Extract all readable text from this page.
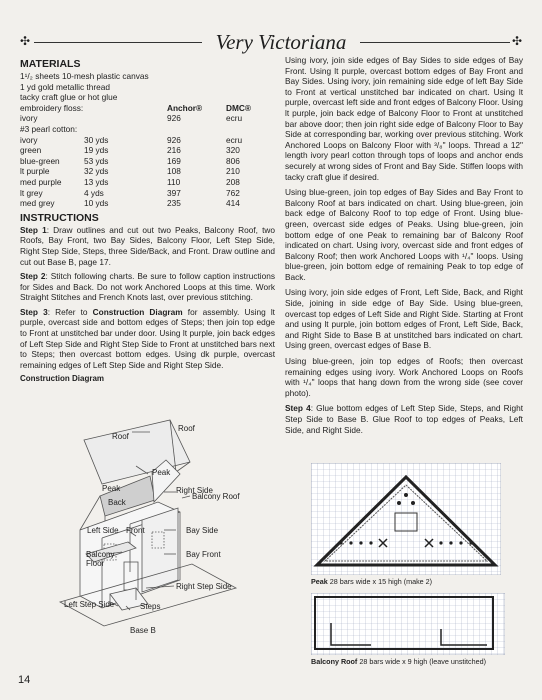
✣	Very Victoriana	✣
MATERIALS
1¹/₂ sheets 10-mesh plastic canvas
1 yd gold metallic thread
tacky craft glue or hot glue
embroidery floss:	Anchor®	DMC®
ivory	926	ecru
#3 pearl cotton:
ivory	30 yds	926	ecru
green	19 yds	216	320
blue-green	53 yds	169	806
lt purple	32 yds	108	210
med purple	13 yds	110	208
lt grey	4 yds	397	762
med grey	10 yds	235	414
INSTRUCTIONS

Step 1: Draw outlines and cut out two Peaks, Balcony Roof, two Roofs, Bay Front, two Bay Sides, Balcony Floor, Left Step Side, Right Step Side, Steps, three Side/Back, and Front. Draw outline and cut out Base B, page 17.

Step 2: Stitch following charts. Be sure to follow caption instructions for Sides and Back. Do not work Anchored Loops at this time. Work Straight Stitches and French Knots last, over previous stitching.

Step 3: Refer to Construction Diagram for assembly. Using lt purple, overcast side and bottom edges of Steps; then join top edge to Front at unstitched bar under door. Using lt purple, join back edges of Left Step Side and Right Step Side to Front at unstitched bars next to Steps; then overcast bottom edges. Using dk purple, overcast remaining edges of Left Step Side and Right Step Side.

Construction Diagram
Roof
Roof
Peak
Peak
Back
Right Side
Balcony Roof
Left Side Front	Bay Side
Balcony Floor
Bay Front
Right Step Side
Left Step Side	Steps
Base B

Using ivory, join side edges of Bay Sides to side edges of Bay Front. Using lt purple, overcast bottom edges of Bay Front and Bay Sides. Using ivory, join remaining side edge of left Bay Side to Front at vertical unstitched bar indicated on chart. Using lt purple, overcast left side and front edges of Balcony Floor. Using lt purple, join back edge of Balcony Floor to Front at unstitched bar above door; then join right side edge of Balcony Floor to Bay Side at corresponding bar, working over previous stitching. Work Anchored Loops on Balcony Floor with ³/₈" loops. Thread a 12" length ivory pearl cotton through tops of loops and anchor ends securely at wrong sides of Front and Bay Side. Stiffen loops with tacky craft glue if desired.

Using blue-green, join top edges of Bay Sides and Bay Front to Balcony Roof at bars indicated on chart. Using blue-green, join back edge of Balcony Roof to top edge of Front. Using blue-green, overcast side edges of Peaks. Using blue-green, join bottom edge of one Peak to remaining bar of Balcony Roof indicated on chart. Using ivory, overcast side and front edges of Balcony Roof; then work Anchored Loops with ¹/₄" loops. Using blue-green, join bottom edge of remaining Peak to top edge of Back.

Using ivory, join side edges of Front, Left Side, Back, and Right Side, joining in side edge of Bay Side. Using blue-green, overcast top edges of Left Side and Right Side. Starting at Front and using lt purple, join bottom edges of Front, Left Side, Back, and Right Side to Base B at unstitched bars indicated on chart. Using green, overcast edges of Base B.

Using blue-green, join top edges of Roofs; then overcast remaining edges using ivory. Work Anchored Loops on Roofs with ¹/₄" loops that hang down from the wrong side (see cover photo).

Step 4: Glue bottom edges of Left Step Side, Steps, and Right Step Side to Base B. Glue Roof to top edges of Peaks, Left Side, and Right Side.

Peak 28 bars wide x 15 high (make 2)
Balcony Roof 28 bars wide x 9 high (leave unstitched)
14
